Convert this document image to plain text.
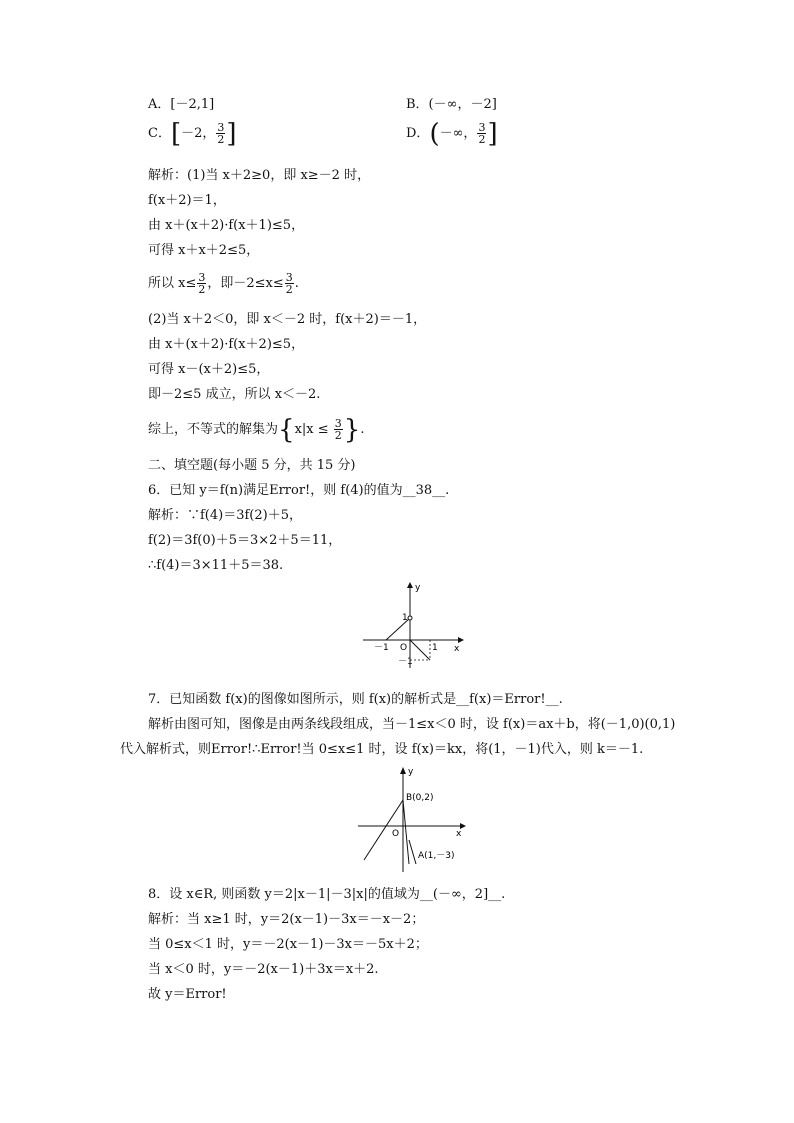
A．[－2,1]	B．(－∞，－2]
C．[－2， $\frac{3}{2}$ ]	D．(－∞， $\frac{3}{2}$ ]
解析：(1)当 x＋2≥0，即 x≥－2 时，
f(x＋2)＝1，
由 x＋(x＋2)·f(x＋1)≤5，
可得 x＋x＋2≤5，
所以 $x\le \frac{3}{2}$ ，即$-2\le x\le \frac{3}{2}$ .
(2)当 x＋2＜0，即 x＜－2 时，f(x＋2)＝－1，
由 x＋(x＋2)·f(x＋2)≤5，
可得 x－(x＋2)≤5，
即－2≤5 成立，所以 x＜－2.
综上，不等式的解集为{$x|x \le \frac{3}{2}$ }.
二、填空题(每小题 5 分，共 15 分)
6．已知 y＝f(n)满足Error!，则 f(4)的值为__38__.
解析：∵f(4)＝3f(2)＋5，
f(2)＝3f(0)＋5＝3×2＋5＝11，
∴f(4)＝3×11＋5＝38.
y
x
O
1
－1	1
－1
7．已知函数 f(x)的图像如图所示，则 f(x)的解析式是__f(x)＝Error!__.
解析由图可知，图像是由两条线段组成，当－1≤x＜0 时，设 f(x)＝ax＋b，将(－1,0)(0,1)
代入解析式，则Error!∴Error!当 0≤x≤1 时，设 f(x)＝kx，将(1，－1)代入，则 k＝－1.
y
x
O
B(0,2)
A(1,－3)
8．设 x∈R, 则函数 y＝2|x－1|－3|x|的值域为__(－∞，2]__.
解析：当 x≥1 时，y＝2(x－1)－3x＝－x－2；
当 0≤x＜1 时，y＝－2(x－1)－3x＝－5x＋2；
当 x＜0 时，y＝－2(x－1)＋3x＝x＋2.
故 y＝Error!
